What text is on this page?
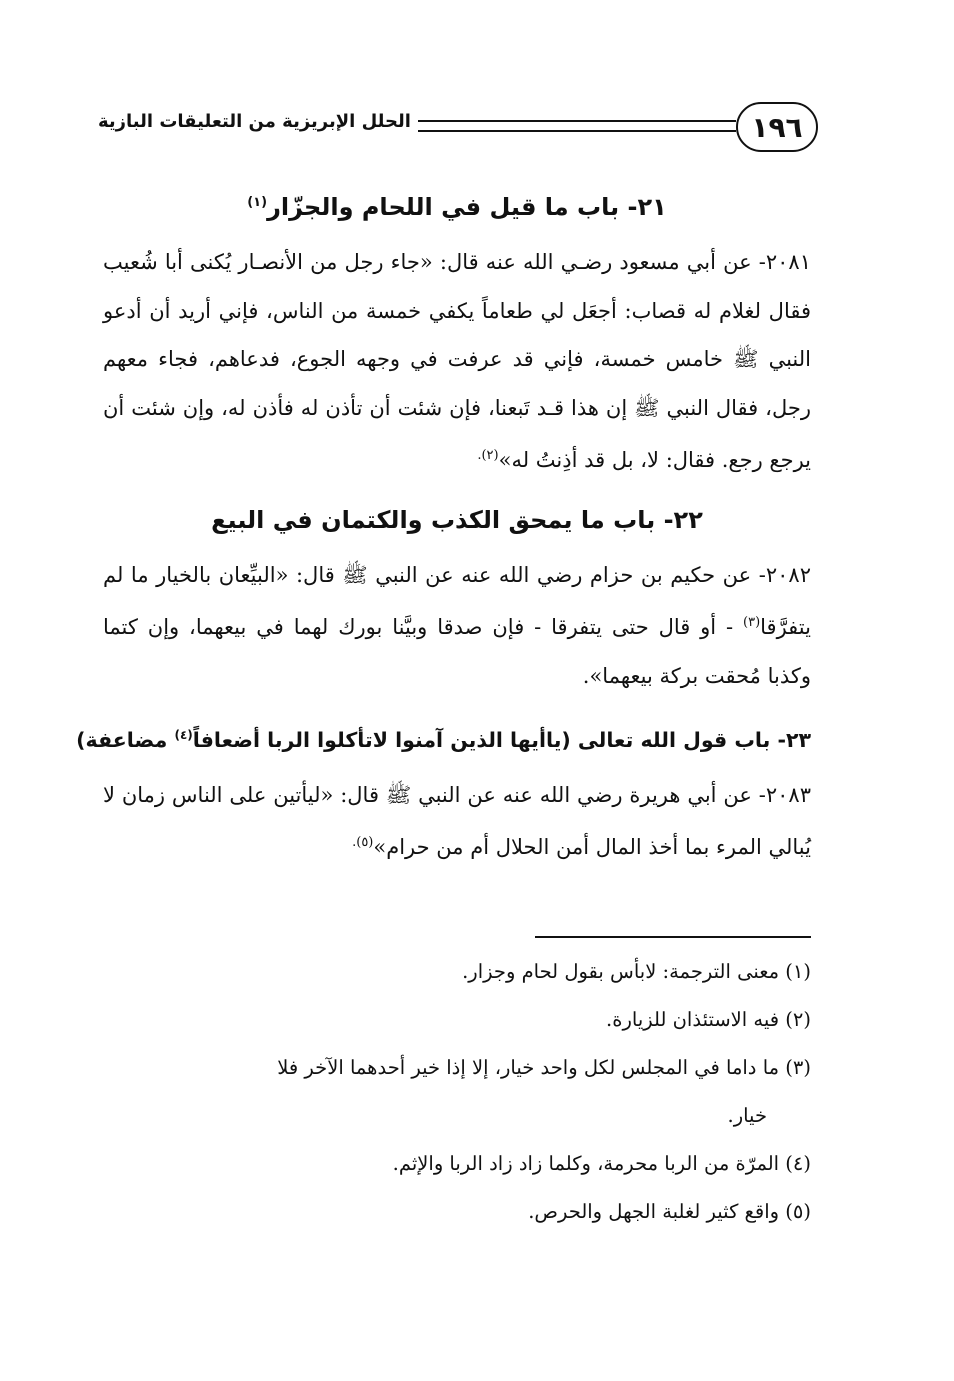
١٩٦
الحلل الإبريزية من التعليقات البازية
٢١- باب ما قيل في اللحام والجزّار$^{(١)}$

٢٠٨١- عن أبي مسعود رضـي الله عنه قال: «جاء رجل من الأنصـار يُكنى أبا شُعيب فقال لغلام له قصاب: أجعَل لي طعاماً يكفي خمسة من الناس، فإني أريد أن أدعو النبي ﷺ خامس خمسة، فإني قد عرفت في وجهه الجوع، فدعاهم، فجاء معهم رجل، فقال النبي ﷺ إن هذا قـد تَبعنا، فإن شئت أن تأذن له فأذن له، وإن شئت أن يرجع رجع. فقال: لا، بل قد أذِنتُ له»$^{(٢).}$

٢٢- باب ما يمحق الكذب والكتمان في البيع

٢٠٨٢- عن حكيم بن حزام رضي الله عنه عن النبي ﷺ قال: «البيِّعان بالخيار ما لم يتفرَّقا$^{(٣)}$ - أو قال حتى يتفرقا - فإن صدقا وبيَّنا بورك لهما في بيعهما، وإن كتما وكذبا مُحقت بركة بيعهما».

٢٣- باب قول الله تعالى (ياأيها الذين آمنوا لاتأكلوا الربا أضعافاً$^{(٤)}$ مضاعفة)

٢٠٨٣- عن أبي هريرة رضي الله عنه عن النبي ﷺ قال: «ليأتين على الناس زمان لا يُبالي المرء بما أخذ المال أمن الحلال أم من حرام»$^{(٥).}$

(١) معنى الترجمة: لابأس بقول لحام وجزار.

(٢) فيه الاستئذان للزيارة.

(٣) ما داما في المجلس لكل واحد خيار، إلا إذا خير أحدهما الآخر فلا
خيار.

(٤) المرّة من الربا محرمة، وكلما زاد زاد الربا والإثم.

(٥) واقع كثير لغلبة الجهل والحرص.
